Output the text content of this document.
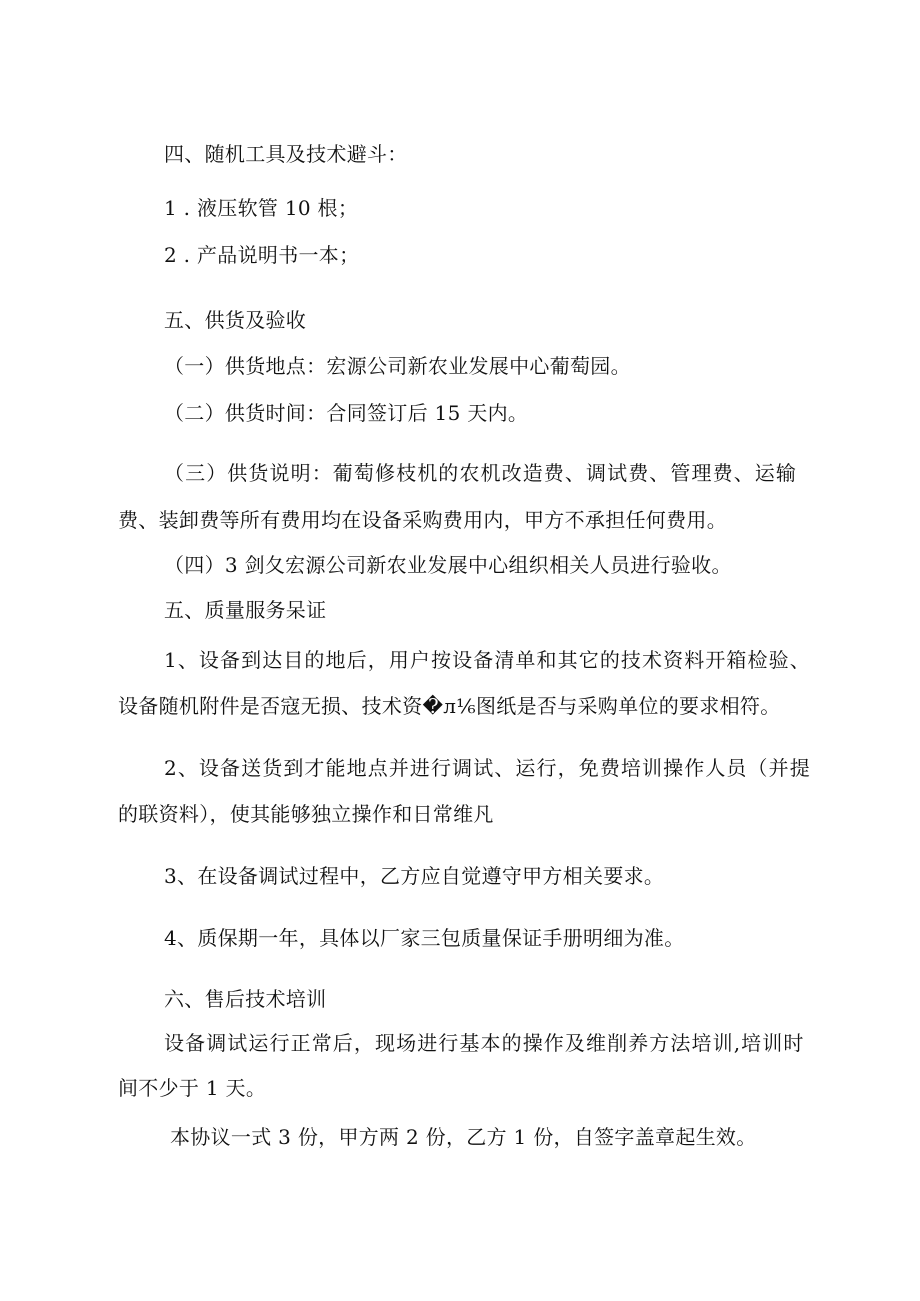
四、随机工具及技术避斗：
1 . 液压软管 10 根；
2 . 产品说明书一本；
五、供货及验收
（一）供货地点：宏源公司新农业发展中心葡萄园。
（二）供货时间：合同签订后 15 天内。
（三）供货说明：葡萄修枝机的农机改造费、调试费、管理费、运输
费、装卸费等所有费用均在设备采购费用内，甲方不承担任何费用。
（四）3 剑夂宏源公司新农业发展中心组织相关人员进行验收。
五、质量服务呆证
1、设备到达目的地后，用户按设备清单和其它的技术资料开箱检验、
设备随机附件是否寇无损、技术资�л⅙图纸是否与采购单位的要求相符。
2、设备送货到才能地点并进行调试、运行，免费培训操作人员（并提
的联资料），使其能够独立操作和日常维凡
3、在设备调试过程中，乙方应自觉遵守甲方相关要求。
4、质保期一年，具体以厂家三包质量保证手册明细为准。
六、售后技术培训
设备调试运行正常后，现场进行基本的操作及维削养方法培训,培训时
间不少于 1 天。
本协议一式 3 份，甲方两 2 份，乙方 1 份，自签字盖章起生效。
